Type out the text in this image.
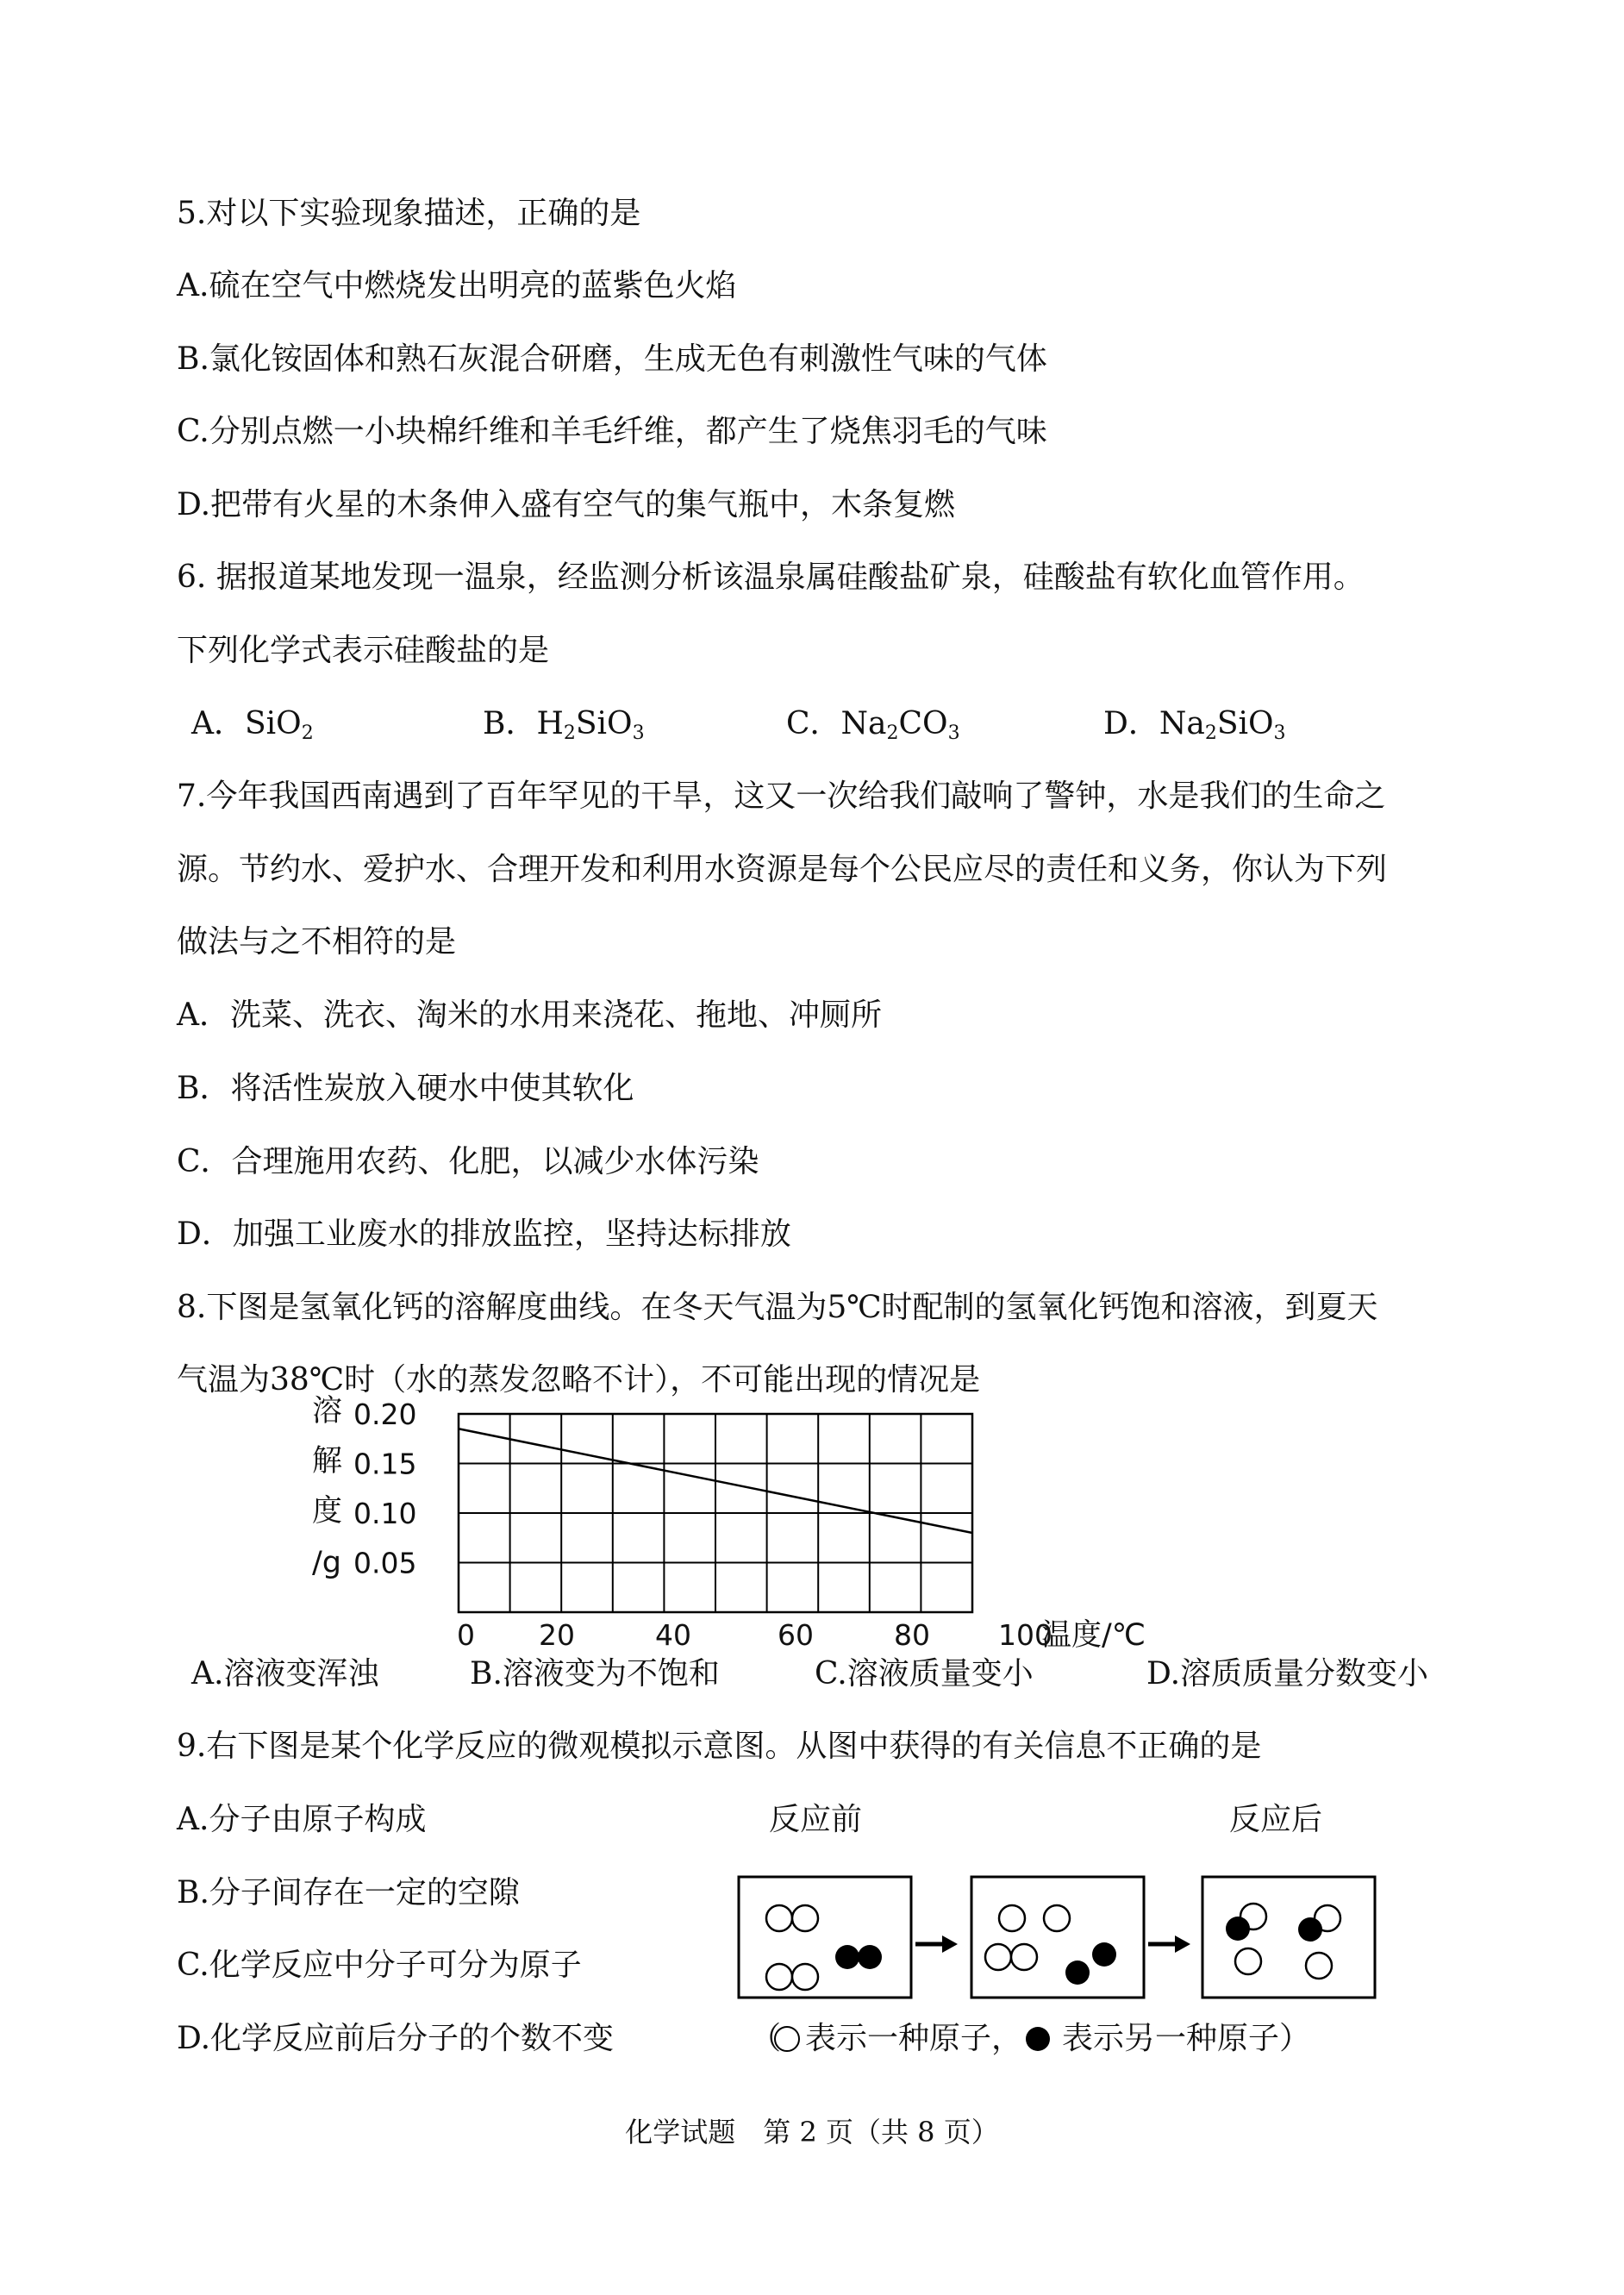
5.对以下实验现象描述，正确的是
A.硫在空气中燃烧发出明亮的蓝紫色火焰
B.氯化铵固体和熟石灰混合研磨，生成无色有刺激性气味的气体
C.分别点燃一小块棉纤维和羊毛纤维，都产生了烧焦羽毛的气味
D.把带有火星的木条伸入盛有空气的集气瓶中，木条复燃
6. 据报道某地发现一温泉，经监测分析该温泉属硅酸盐矿泉，硅酸盐有软化血管作用。
下列化学式表示硅酸盐的是
A．SiO$_2$	B．$H_2SiO_3$	C．$Na_2CO_3$	D．$Na_2SiO_3$
7.今年我国西南遇到了百年罕见的干旱，这又一次给我们敲响了警钟，水是我们的生命之
源。节约水、爱护水、合理开发和利用水资源是每个公民应尽的责任和义务，你认为下列
做法与之不相符的是
A．洗菜、洗衣、淘米的水用来浇花、拖地、冲厕所
B．将活性炭放入硬水中使其软化
C．合理施用农药、化肥，以减少水体污染
D．加强工业废水的排放监控，坚持达标排放
8.下图是氢氧化钙的溶解度曲线。在冬天气温为5℃时配制的氢氧化钙饱和溶液，到夏天
气温为38℃时（水的蒸发忽略不计），不可能出现的情况是
0.20
0.15
0.10
0.05
溶
解
度
/g
0 20	40	60	80 100
温度/℃
A.溶液变浑浊	B.溶液变为不饱和	C.溶液质量变小	D.溶质质量分数变小
9.右下图是某个化学反应的微观模拟示意图。从图中获得的有关信息不正确的是
A.分子由原子构成
B.分子间存在一定的空隙
C.化学反应中分子可分为原子
D.化学反应前后分子的个数不变
反应前	反应后
（ 表示一种原子， 表示另一种原子）
化学试题　第 2 页（共 8 页）
